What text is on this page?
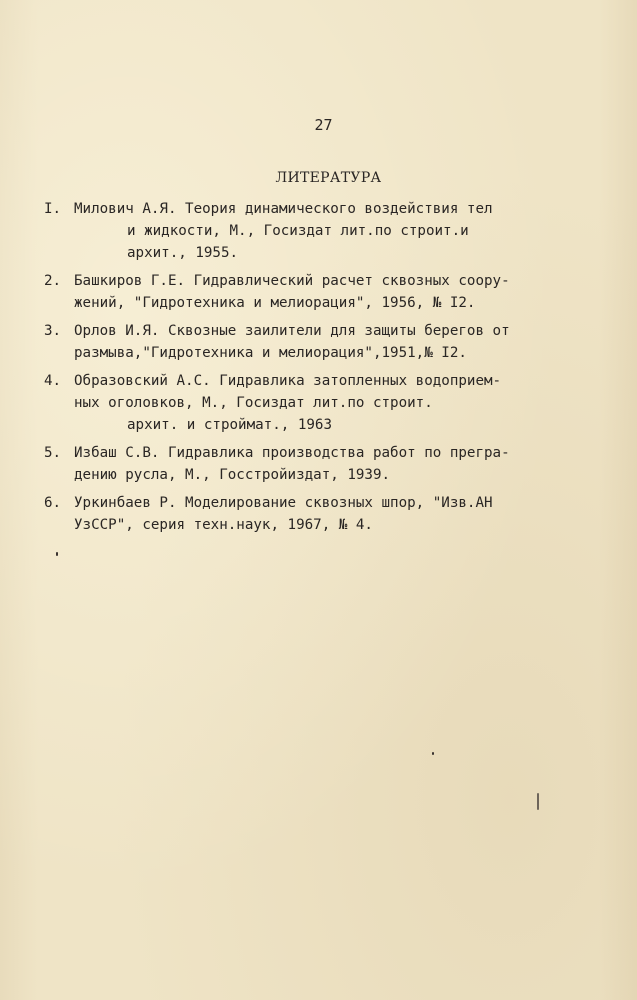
27
ЛИТЕРАТУРА
I. Милович А.Я. Теория динамического воздействия тел
и жидкости, М., Госиздат лит.по строит.и
архит., 1955.
2. Башкиров Г.Е. Гидравлический расчет сквозных соору-
жений, "Гидротехника и мелиорация", 1956, № I2.
3. Орлов И.Я. Сквозные заилители для защиты берегов от
размыва,"Гидротехника и мелиорация",1951,№ I2.
4. Образовский А.С. Гидравлика затопленных водоприем-
ных оголовков, М., Госиздат лит.по строит.
архит. и строймат., 1963
5. Избаш С.В. Гидравлика производства работ по прегра-
дению русла, М., Госстройиздат, 1939.
6. Уркинбаев Р. Моделирование сквозных шпор, "Изв.АН
УзССР", серия техн.наук, 1967, № 4.
